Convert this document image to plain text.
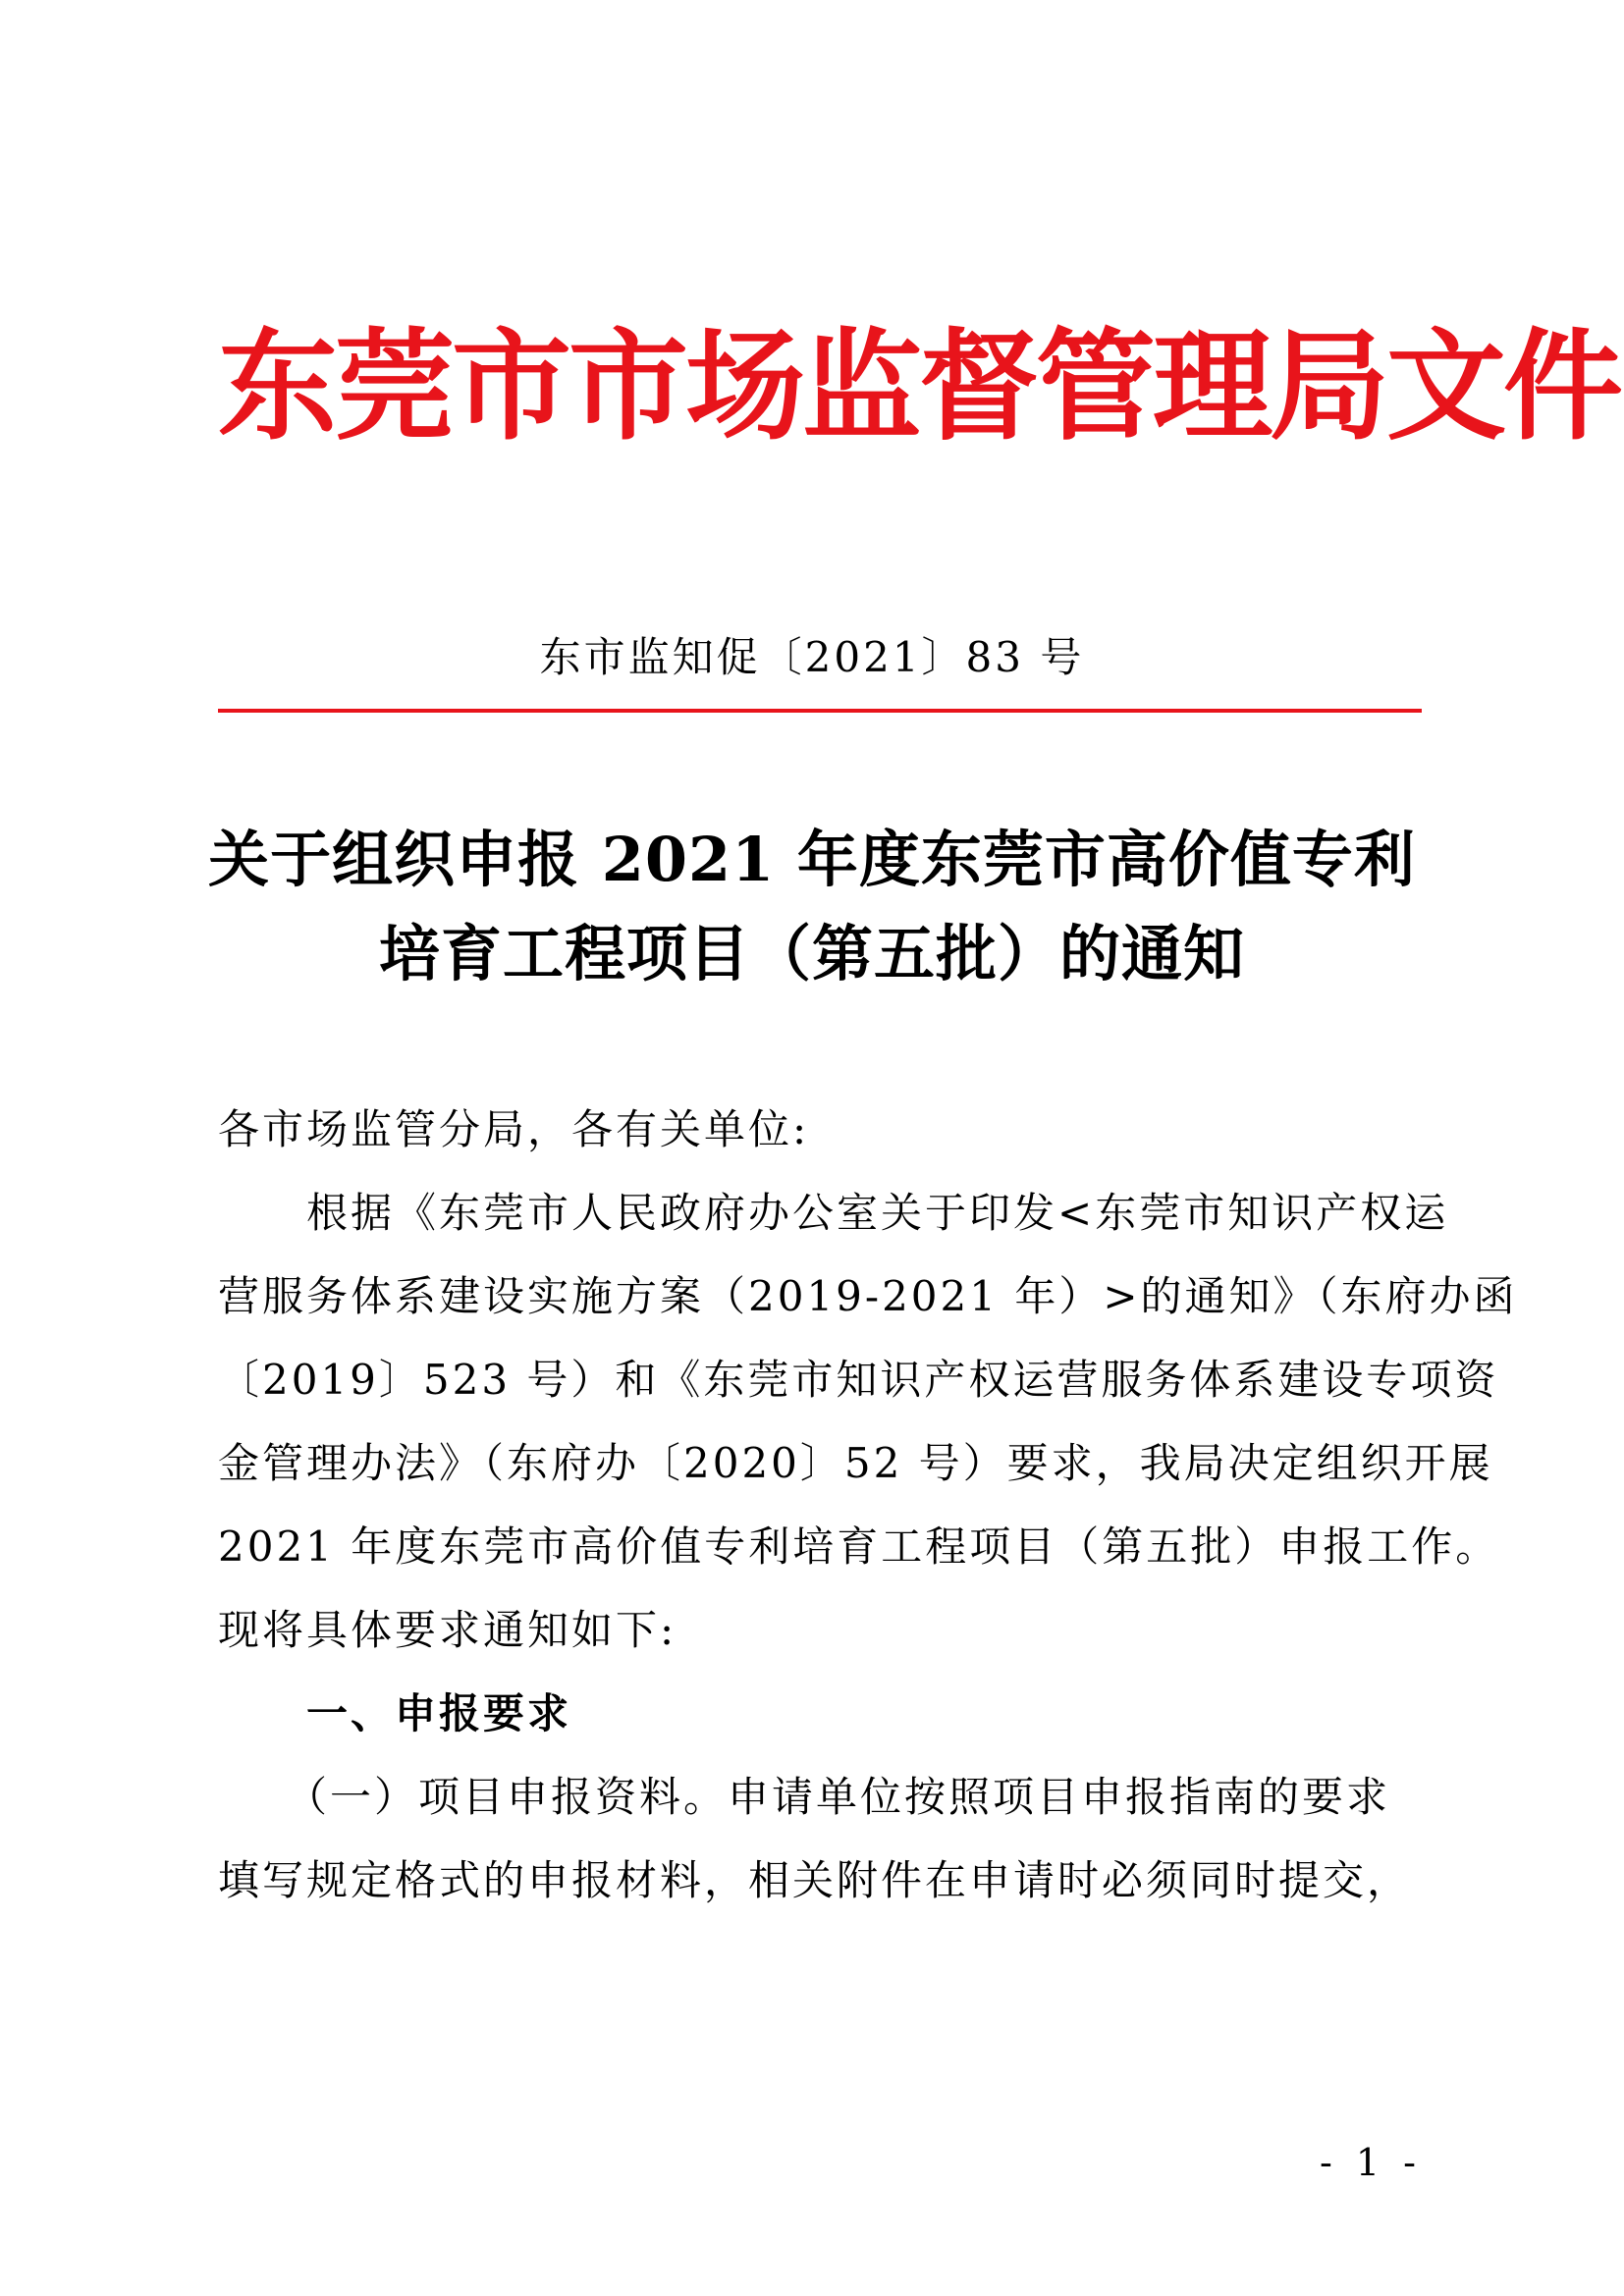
东莞市市场监督管理局文件
东市监知促〔2021〕83 号
关于组织申报 2021 年度东莞市高价值专利
培育工程项目（第五批）的通知

各市场监管分局，各有关单位:

　　根据《东莞市人民政府办公室关于印发<东莞市知识产权运

营服务体系建设实施方案（2019-2021 年）>的通知》（东府办函

〔2019〕523 号）和《东莞市知识产权运营服务体系建设专项资

金管理办法》（东府办〔2020〕52 号）要求，我局决定组织开展

2021 年度东莞市高价值专利培育工程项目（第五批）申报工作。

现将具体要求通知如下:

　　一、申报要求

　　（一）项目申报资料。申请单位按照项目申报指南的要求

填写规定格式的申报材料，相关附件在申请时必须同时提交，

- 1 -
